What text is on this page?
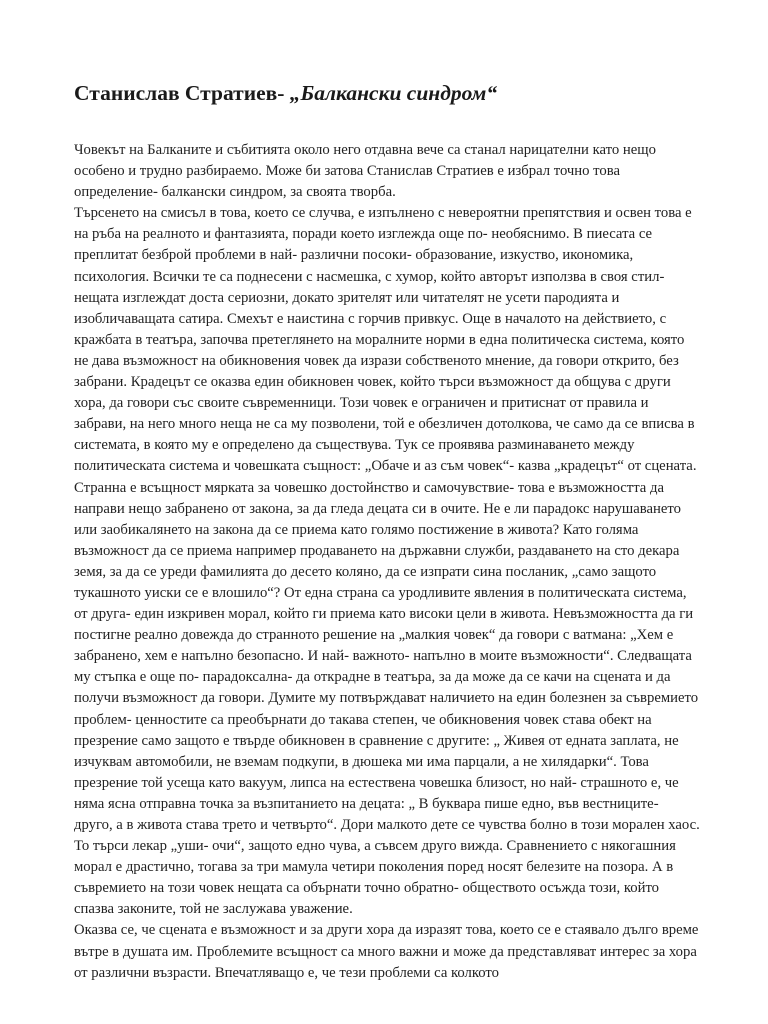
Станислав Стратиев- „Балкански синдром“

Човекът на Балканите и събитията около него отдавна вече са станал нарицателни като нещо особено и трудно разбираемо. Може би затова Станислав Стратиев е избрал точно това определение- балкански синдром, за своята творба.

Търсенето на смисъл в това, което се случва, е изпълнено с невероятни препятствия и освен това е на ръба на реалното и фантазията, поради което изглежда още по- необяснимо. В пиесата се преплитат безброй проблеми в най- различни посоки- образование, изкуство, икономика, психология. Всички те са поднесени с насмешка, с хумор, който авторът използва в своя стил- нещата изглеждат доста сериозни, докато зрителят или читателят не усети пародията и изобличаващата сатира. Смехът е наистина с горчив привкус. Още в началото на действието, с кражбата в театъра, започва претеглянето на моралните норми в една политическа система, която не дава възможност на обикновения човек да изрази собственото мнение, да говори открито, без забрани. Крадецът се оказва един обикновен човек, който търси възможност да общува с други хора, да говори със своите съвременници. Този човек е ограничен и притиснат от правила и забрави, на него много неща не са му позволени, той е обезличен дотолкова, че само да се вписва в системата, в която му е определено да съществува. Тук се проявява разминаването между политическата система и човешката същност: „Обаче и аз съм човек“- казва „крадецът“ от сцената. Странна е всъщност мярката за човешко достойнство и самочувствие- това е възможността да направи нещо забранено от закона, за да гледа децата си в очите. Не е ли парадокс нарушаването или заобикалянето на закона да се приема като голямо постижение в живота? Като голяма възможност да се приема например продаването на държавни служби, раздаването на сто декара земя, за да се уреди фамилията до десето коляно, да се изпрати сина посланик, „само защото тукашното уиски се е влошило“? От една страна са уродливите явления в политическата система, от друга- един изкривен морал, който ги приема като високи цели в живота. Невъзможността да ги постигне реално довежда до странното решение на „малкия човек“ да говори с ватмана: „Хем е забранено, хем е напълно безопасно. И най- важното- напълно в моите възможности“. Следващата му стъпка е още по- парадоксална- да открадне в театъра, за да може да се качи на сцената и да получи възможност да говори. Думите му потвърждават наличието на един болезнен за съвремието проблем- ценностите са преобърнати до такава степен, че обикновения човек става обект на презрение само защото е твърде обикновен в сравнение с другите: „ Живея от едната заплата, не изчуквам автомобили, не вземам подкупи, в дюшека ми има парцали, а не хилядарки“. Това презрение той усеща като вакуум, липса на естествена човешка близост, но най- страшното е, че няма ясна отправна точка за възпитанието на децата: „ В буквара пише едно, във вестниците- друго, а в живота става трето и четвърто“. Дори малкото дете се чувства болно в този морален хаос. То търси лекар „уши- очи“, защото едно чува, а съвсем друго вижда. Сравнението с някогашния морал е драстично, тогава за три мамула четири поколения поред носят белезите на позора. А в съвремието на този човек нещата са обърнати точно обратно- обществото осъжда този, който спазва законите, той не заслужава уважение.

Оказва се, че сцената е възможност и за други хора да изразят това, което се е стаявало дълго време вътре в душата им. Проблемите всъщност са много важни и може да представляват интерес за хора от различни възрасти. Впечатляващо е, че тези проблеми са колкото
